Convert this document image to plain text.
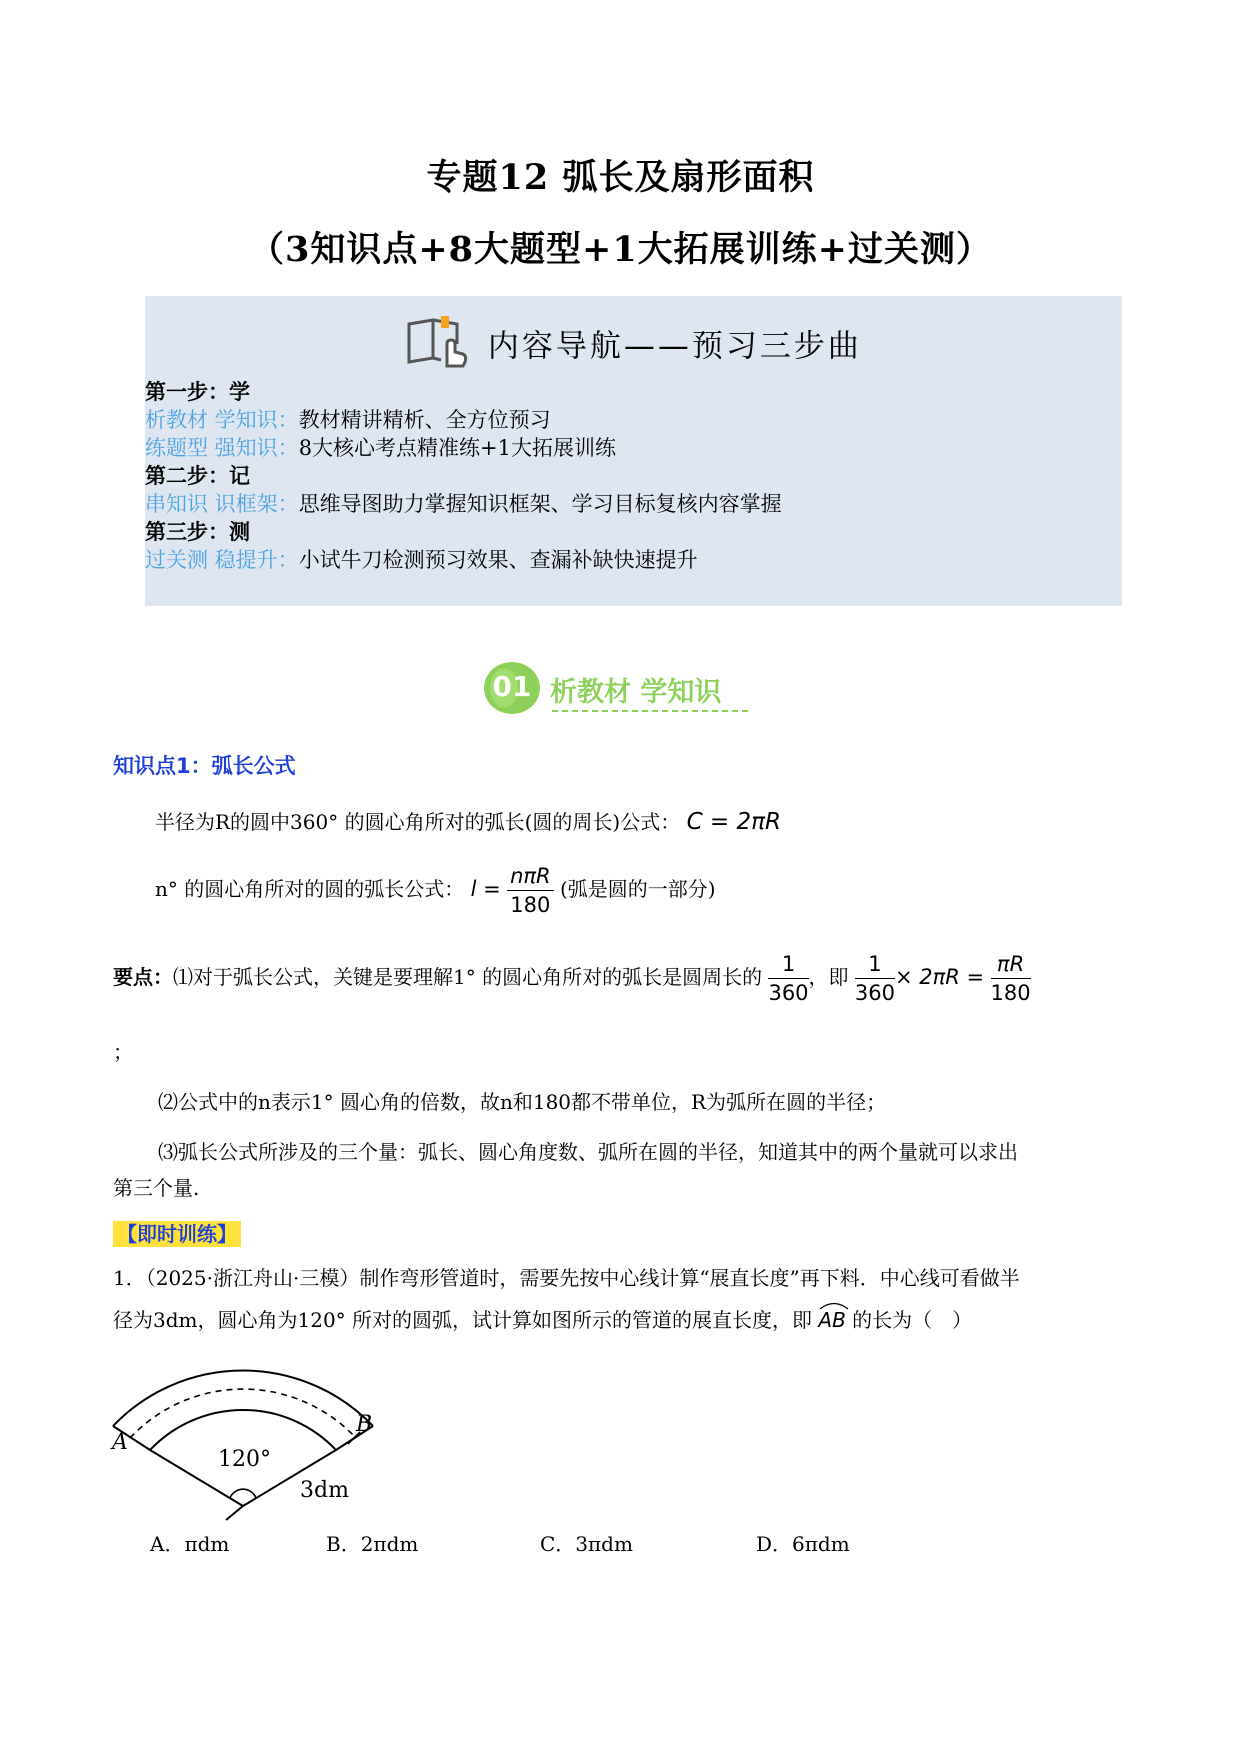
专题12 弧长及扇形面积
（3知识点+8大题型+1大拓展训练+过关测）
内容导航——预习三步曲
第一步：学
析教材 学知识：教材精讲精析、全方位预习
练题型 强知识：8大核心考点精准练+1大拓展训练
第二步：记
串知识 识框架：思维导图助力掌握知识框架、学习目标复核内容掌握
第三步：测
过关测 稳提升：小试牛刀检测预习效果、查漏补缺快速提升
01 析教材 学知识
知识点1：弧长公式
半径为R的圆中360° 的圆心角所对的弧长(圆的周长)公式： C = 2πR
n° 的圆心角所对的圆的弧长公式： $l = \frac{\text{nπR}}{180}$ (弧是圆的一部分)
要点：⑴对于弧长公式，关键是要理解1° 的圆心角所对的弧长是圆周长的 $\frac{1}{360}$ ，即 $\frac{1}{360} \times 2\pi R = \frac{\pi R}{180}$
；
⑵公式中的n表示1° 圆心角的倍数，故n和180都不带单位，R为弧所在圆的半径；
⑶弧长公式所涉及的三个量：弧长、圆心角度数、弧所在圆的半径，知道其中的两个量就可以求出
第三个量.
【即时训练】
1．（2025·浙江舟山·三模）制作弯形管道时，需要先按中心线计算“展直长度”再下料．中心线可看做半
径为3dm，圆心角为120° 所对的圆弧，试计算如图所示的管道的展直长度，即 AB 的长为（　）
A
B
120°
3dm
A．πdm	B．2πdm	C．3πdm	D．6πdm
